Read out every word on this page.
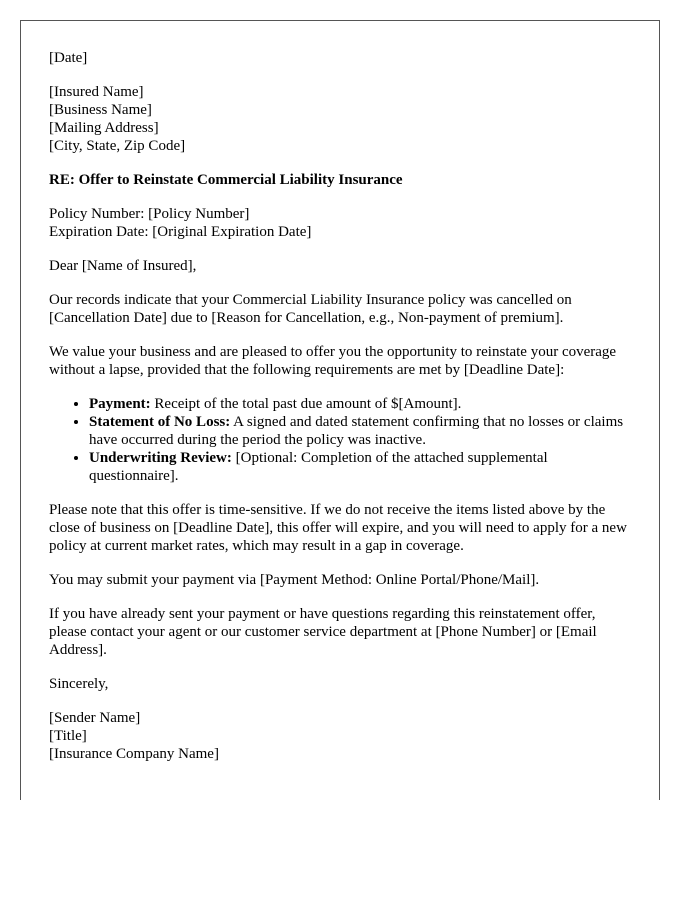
[Date]

[Insured Name]
[Business Name]
[Mailing Address]
[City, State, Zip Code]

RE: Offer to Reinstate Commercial Liability Insurance

Policy Number: [Policy Number]
Expiration Date: [Original Expiration Date]

Dear [Name of Insured],

Our records indicate that your Commercial Liability Insurance policy was cancelled on [Cancellation Date] due to [Reason for Cancellation, e.g., Non-payment of premium].

We value your business and are pleased to offer you the opportunity to reinstate your coverage without a lapse, provided that the following requirements are met by [Deadline Date]:

• Payment: Receipt of the total past due amount of $[Amount].
• Statement of No Loss: A signed and dated statement confirming that no losses or claims have occurred during the period the policy was inactive.
• Underwriting Review: [Optional: Completion of the attached supplemental questionnaire].

Please note that this offer is time-sensitive. If we do not receive the items listed above by the close of business on [Deadline Date], this offer will expire, and you will need to apply for a new policy at current market rates, which may result in a gap in coverage.

You may submit your payment via [Payment Method: Online Portal/Phone/Mail].

If you have already sent your payment or have questions regarding this reinstatement offer, please contact your agent or our customer service department at [Phone Number] or [Email Address].

Sincerely,

[Sender Name]
[Title]
[Insurance Company Name]
